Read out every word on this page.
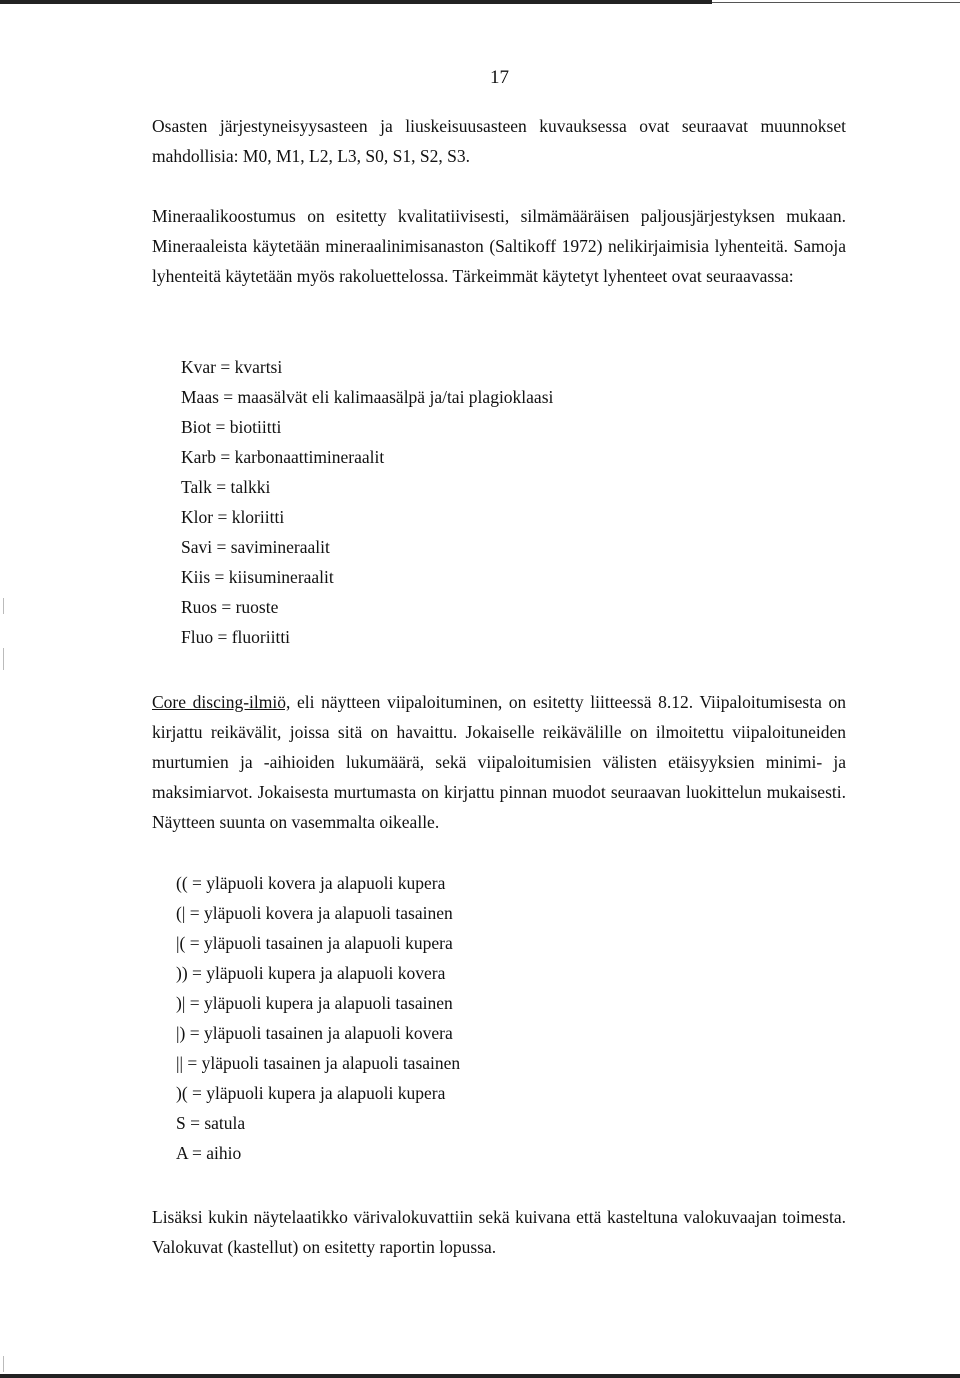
17

Osasten järjestyneisyysasteen ja liuskeisuusasteen kuvauksessa ovat seuraavat muunnokset mahdollisia: M0, M1, L2, L3, S0, S1, S2, S3.

Mineraalikoostumus on esitetty kvalitatiivisesti, silmämääräisen paljousjärjestyksen mukaan. Mineraaleista käytetään mineraalinimisanaston (Saltikoff 1972) nelikirjaimisia lyhenteitä. Samoja lyhenteitä käytetään myös rakoluettelossa. Tärkeimmät käytetyt lyhenteet ovat seuraavassa:

Kvar = kvartsi
Maas = maasälvät eli kalimaasälpä ja/tai plagioklaasi
Biot = biotiitti
Karb = karbonaattimineraalit
Talk = talkki
Klor = kloriitti
Savi = savimineraalit
Kiis = kiisumineraalit
Ruos = ruoste
Fluo = fluoriitti

Core discing-ilmiö, eli näytteen viipaloituminen, on esitetty liitteessä 8.12. Viipaloitumisesta on kirjattu reikävälit, joissa sitä on havaittu. Jokaiselle reikävälille on ilmoitettu viipaloituneiden murtumien ja -aihioiden lukumäärä, sekä viipaloitumisien välisten etäisyyksien minimi- ja maksimiarvot. Jokaisesta murtumasta on kirjattu pinnan muodot seuraavan luokittelun mukaisesti. Näytteen suunta on vasemmalta oikealle.

(( = yläpuoli kovera ja alapuoli kupera
(| = yläpuoli kovera ja alapuoli tasainen
|( = yläpuoli tasainen ja alapuoli kupera
)) = yläpuoli kupera ja alapuoli kovera
)| = yläpuoli kupera ja alapuoli tasainen
|) = yläpuoli tasainen ja alapuoli kovera
|| = yläpuoli tasainen ja alapuoli tasainen
)( = yläpuoli kupera ja alapuoli kupera
S = satula
A = aihio

Lisäksi kukin näytelaatikko värivalokuvattiin sekä kuivana että kasteltuna valokuvaajan toimesta. Valokuvat (kastellut) on esitetty raportin lopussa.
